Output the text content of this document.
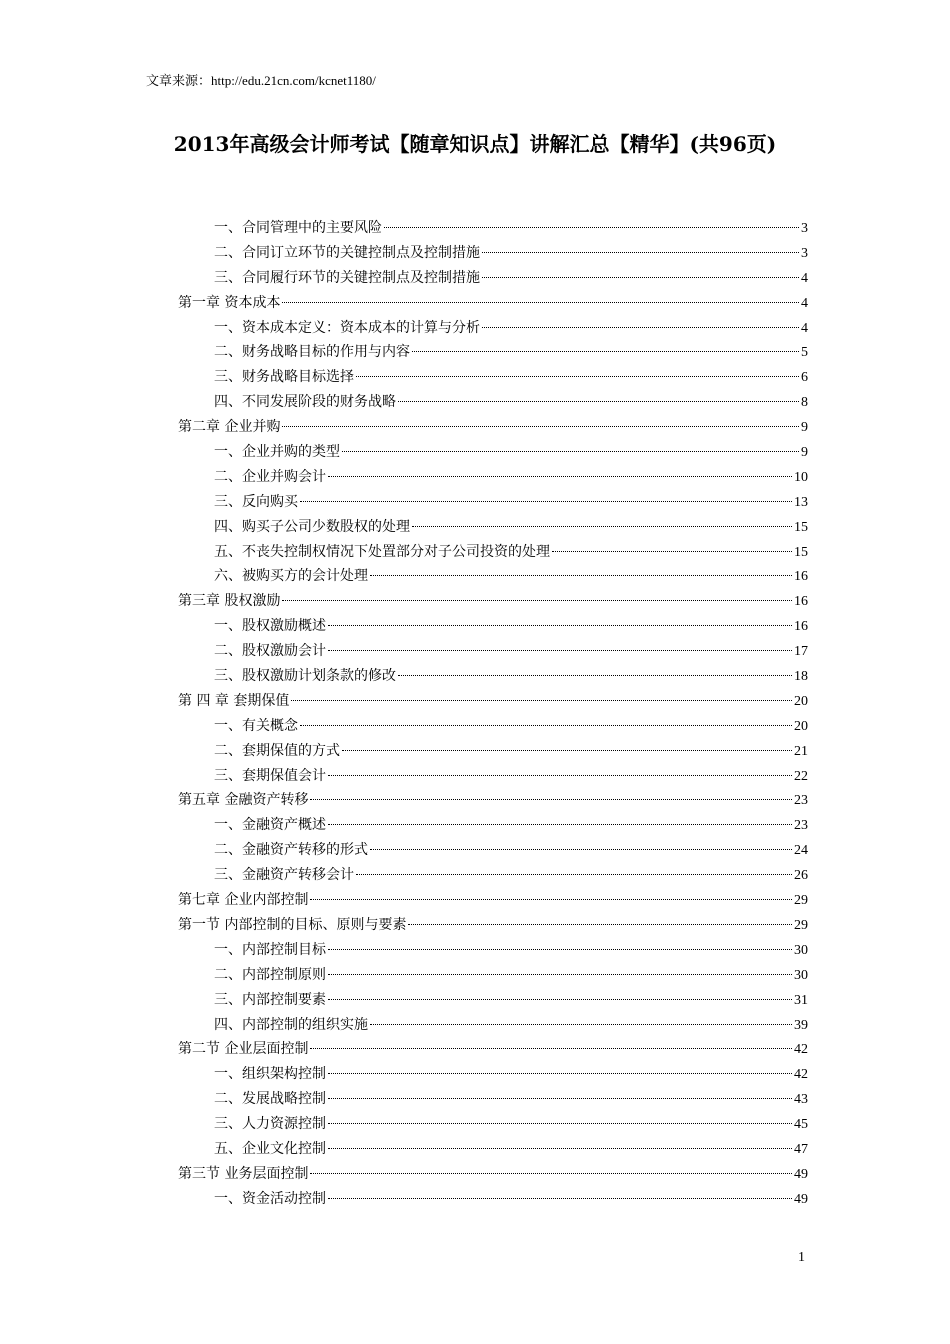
文章来源：http://edu.21cn.com/kcnet1180/
2013年高级会计师考试【随章知识点】讲解汇总【精华】(共96页)
一、合同管理中的主要风险	3
二、合同订立环节的关键控制点及控制措施	3
三、合同履行环节的关键控制点及控制措施	4
第一章 资本成本	4
一、资本成本定义：资本成本的计算与分析	4
二、财务战略目标的作用与内容	5
三、财务战略目标选择	6
四、不同发展阶段的财务战略	8
第二章 企业并购	9
一、企业并购的类型	9
二、企业并购会计	10
三、反向购买	13
四、购买子公司少数股权的处理	15
五、不丧失控制权情况下处置部分对子公司投资的处理	15
六、被购买方的会计处理	16
第三章 股权激励	16
一、股权激励概述	16
二、股权激励会计	17
三、股权激励计划条款的修改	18
第 四 章 套期保值	20
一、有关概念	20
二、套期保值的方式	21
三、套期保值会计	22
第五章 金融资产转移	23
一、金融资产概述	23
二、金融资产转移的形式	24
三、金融资产转移会计	26
第七章 企业内部控制	29
第一节 内部控制的目标、原则与要素	29
一、内部控制目标	30
二、内部控制原则	30
三、内部控制要素	31
四、内部控制的组织实施	39
第二节 企业层面控制	42
一、组织架构控制	42
二、发展战略控制	43
三、人力资源控制	45
五、企业文化控制	47
第三节 业务层面控制	49
一、资金活动控制	49
1
